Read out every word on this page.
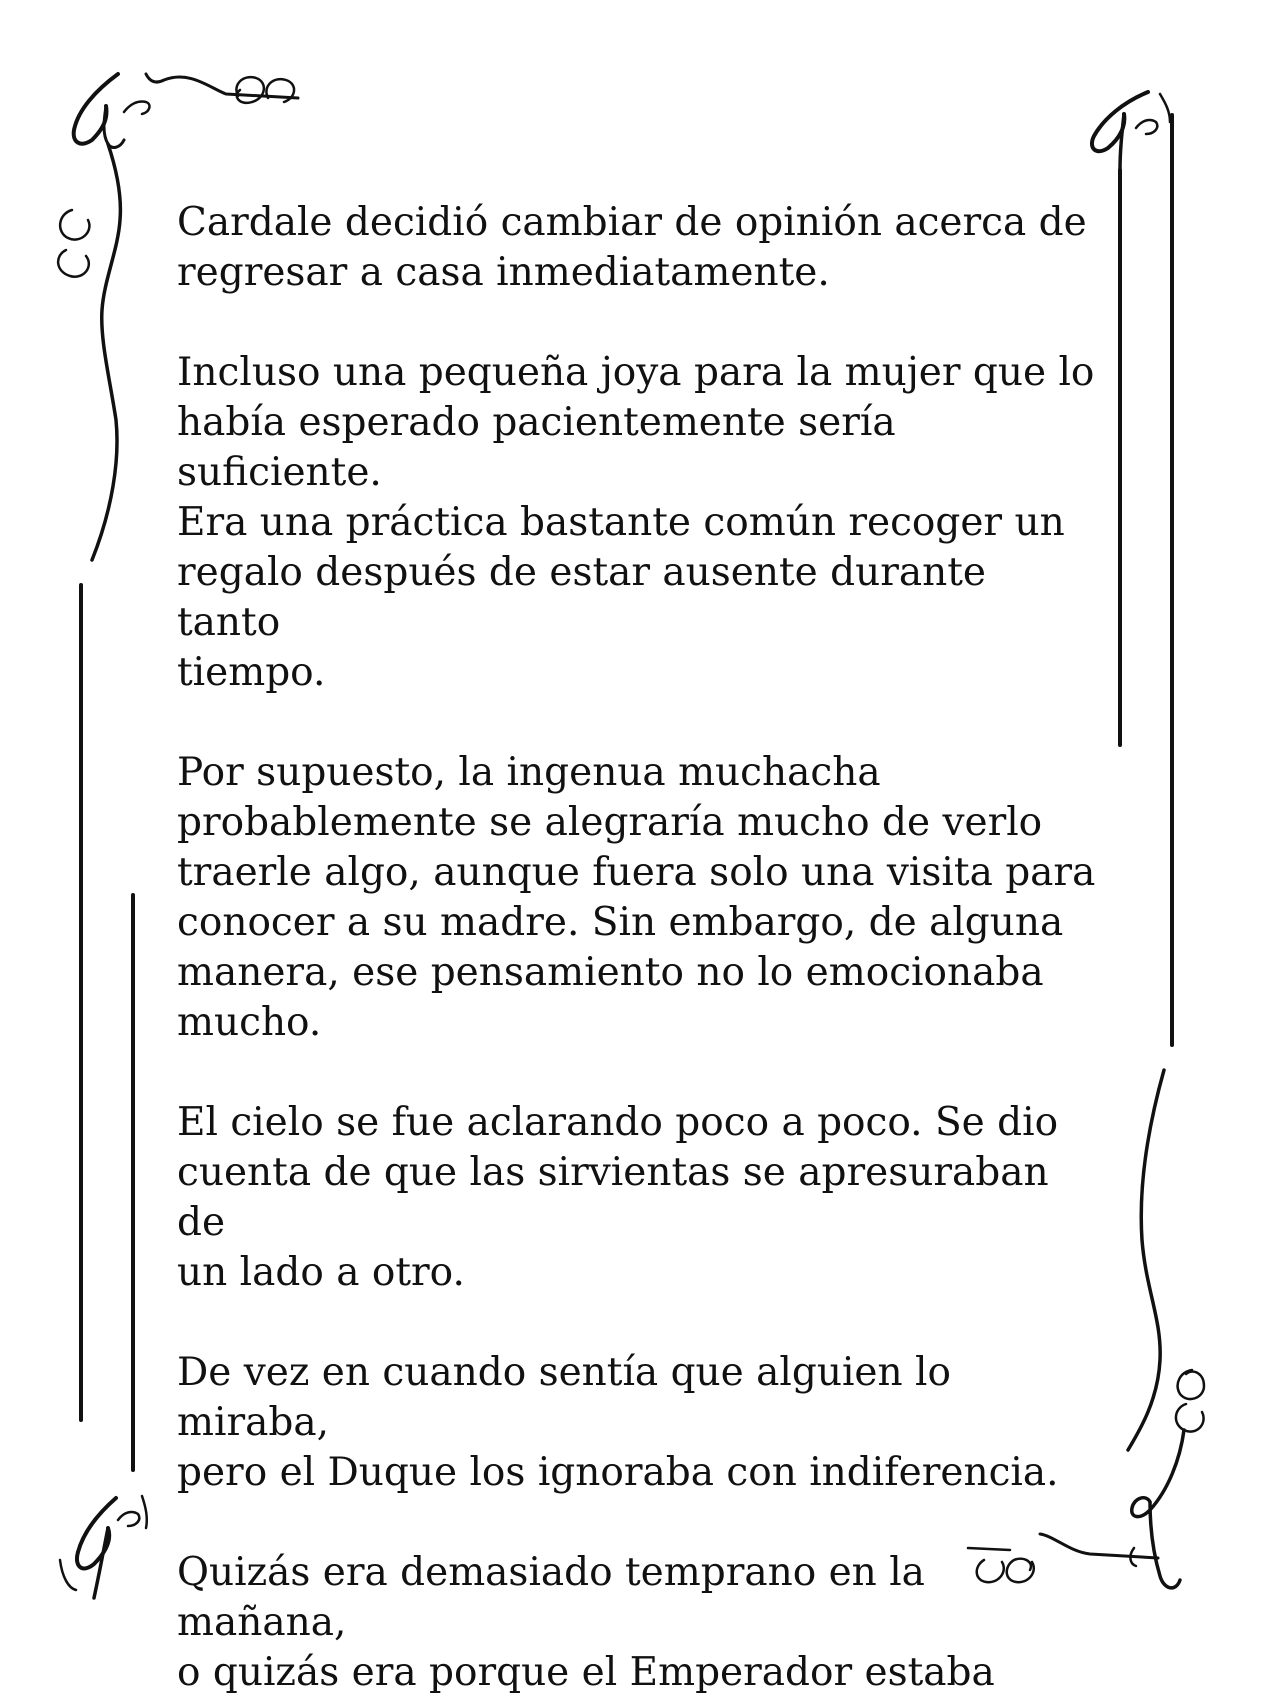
Cardale decidió cambiar de opinión acerca de
regresar a casa inmediatamente.

Incluso una pequeña joya para la mujer que lo
había esperado pacientemente sería suficiente.
Era una práctica bastante común recoger un
regalo después de estar ausente durante tanto
tiempo.

Por supuesto, la ingenua muchacha
probablemente se alegraría mucho de verlo
traerle algo, aunque fuera solo una visita para
conocer a su madre. Sin embargo, de alguna
manera, ese pensamiento no lo emocionaba
mucho.

El cielo se fue aclarando poco a poco. Se dio
cuenta de que las sirvientas se apresuraban de
un lado a otro.

De vez en cuando sentía que alguien lo miraba,
pero el Duque los ignoraba con indiferencia.

Quizás era demasiado temprano en la mañana,
o quizás era porque el Emperador estaba
